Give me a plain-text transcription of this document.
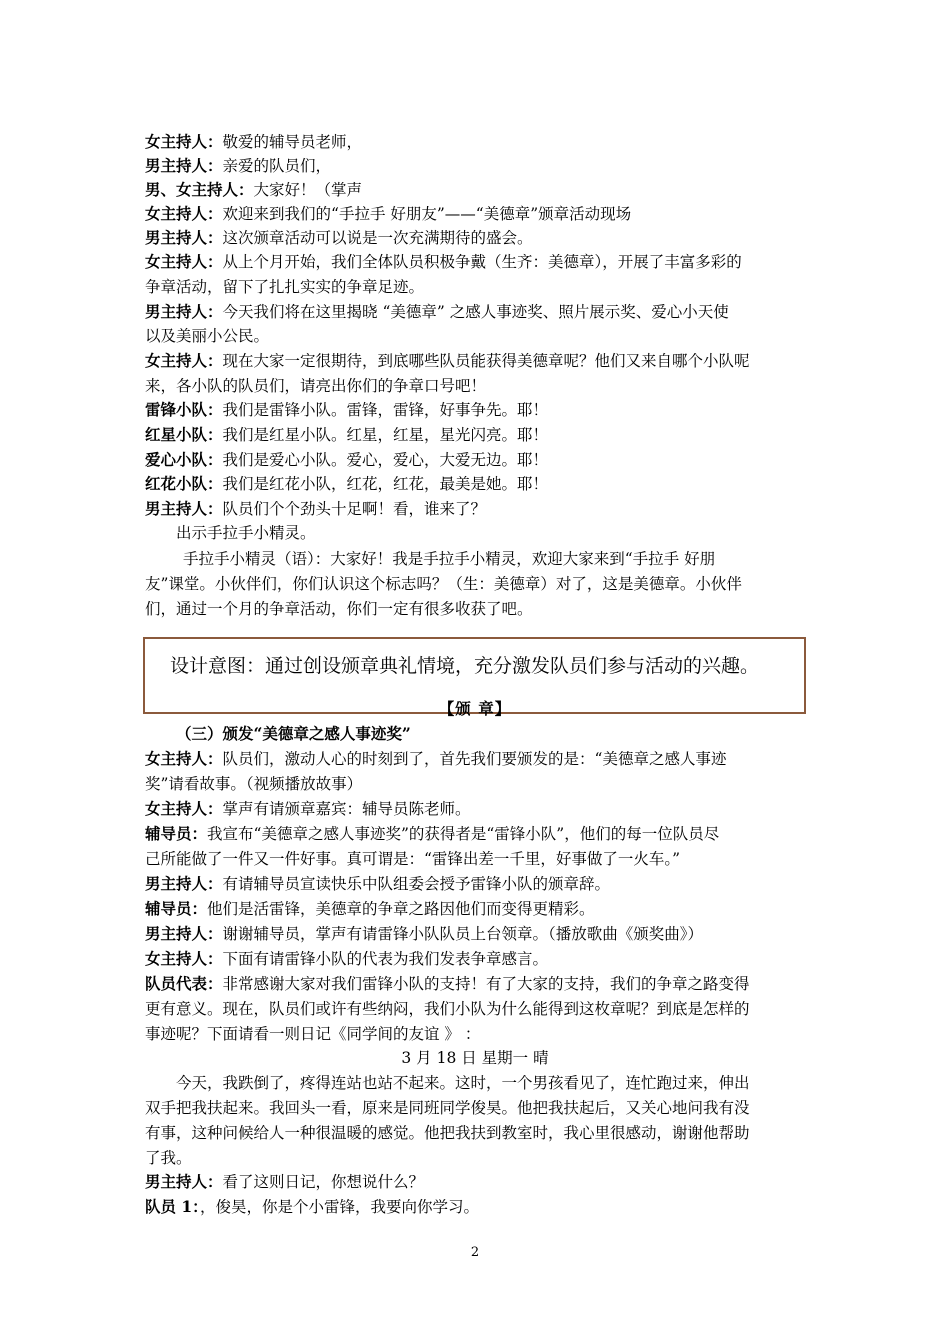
出示手拉手小精灵。
手拉手小精灵（语）：大家好！我是手拉手小精灵，欢迎大家来到“手拉手 好朋
友”课堂。小伙伴们，你们认识这个标志吗？（生：美德章）对了，这是美德章。小伙伴
们，通过一个月的争章活动，你们一定有很多收获了吧。
设计意图：通过创设颁章典礼情境，充分激发队员们参与活动的兴趣。
【颁 章】
（三）颁发“美德章之感人事迹奖”
3 月 18 日 星期一 晴
今天，我跌倒了，疼得连站也站不起来。这时，一个男孩看见了，连忙跑过来，伸出
双手把我扶起来。我回头一看，原来是同班同学俊昊。他把我扶起后，又关心地问我有没
有事，这种问候给人一种很温暖的感觉。他把我扶到教室时，我心里很感动，谢谢他帮助
了我。
2
女主持人：敬爱的辅导员老师，
男主持人：亲爱的队员们，
男、女主持人：大家好！（掌声
女主持人：欢迎来到我们的“手拉手 好朋友”——“美德章”颁章活动现场
男主持人：这次颁章活动可以说是一次充满期待的盛会。
女主持人：从上个月开始，我们全体队员积极争戴（生齐：美德章），开展了丰富多彩的
争章活动，留下了扎扎实实的争章足迹。
男主持人：今天我们将在这里揭晓 “美德章” 之感人事迹奖、照片展示奖、爱心小天使
以及美丽小公民。
女主持人：现在大家一定很期待，到底哪些队员能获得美德章呢？他们又来自哪个小队呢
来，各小队的队员们，请亮出你们的争章口号吧！
雷锋小队：我们是雷锋小队。雷锋，雷锋，好事争先。耶！
红星小队：我们是红星小队。红星，红星，星光闪亮。耶！
爱心小队：我们是爱心小队。爱心，爱心，大爱无边。耶！
红花小队：我们是红花小队，红花，红花，最美是她。耶！
男主持人：队员们个个劲头十足啊！看，谁来了？
女主持人：队员们，激动人心的时刻到了，首先我们要颁发的是：“美德章之感人事迹
奖”请看故事。（视频播放故事）
女主持人：掌声有请颁章嘉宾：辅导员陈老师。
辅导员：我宣布“美德章之感人事迹奖”的获得者是“雷锋小队”，他们的每一位队员尽
己所能做了一件又一件好事。真可谓是：“雷锋出差一千里，好事做了一火车。”
男主持人：有请辅导员宣读快乐中队组委会授予雷锋小队的颁章辞。
辅导员：他们是活雷锋，美德章的争章之路因他们而变得更精彩。
男主持人：谢谢辅导员，掌声有请雷锋小队队员上台领章。（播放歌曲《颁奖曲》）
女主持人：下面有请雷锋小队的代表为我们发表争章感言。
队员代表：非常感谢大家对我们雷锋小队的支持！有了大家的支持，我们的争章之路变得
更有意义。现在，队员们或许有些纳闷，我们小队为什么能得到这枚章呢？到底是怎样的
事迹呢？下面请看一则日记《同学间的友谊 》 ：
男主持人：看了这则日记，你想说什么？
队员 1：，俊昊，你是个小雷锋，我要向你学习。
